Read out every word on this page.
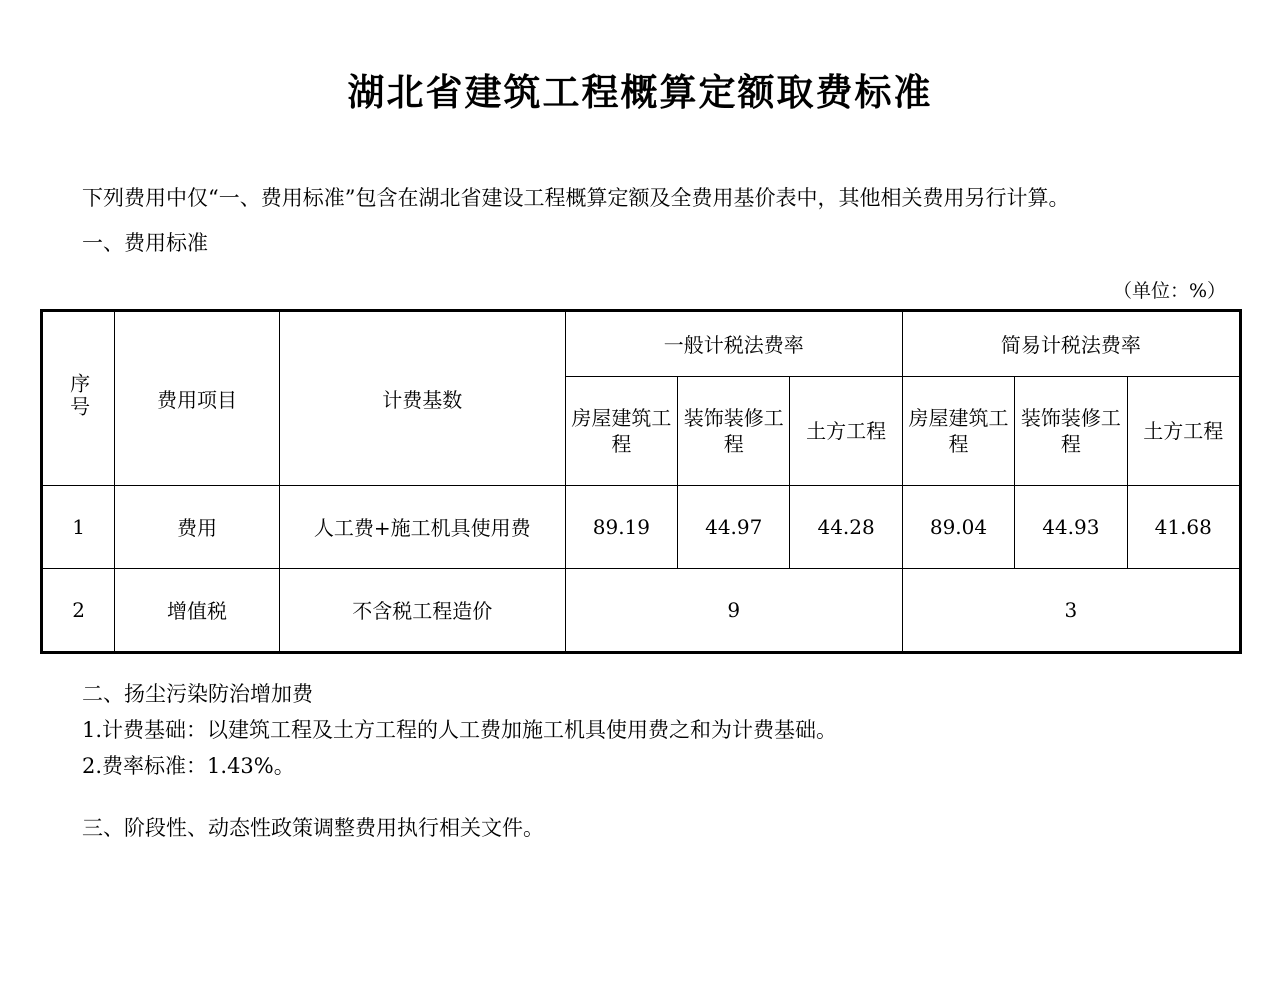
湖北省建筑工程概算定额取费标准
下列费用中仅“一、费用标准”包含在湖北省建设工程概算定额及全费用基价表中，其他相关费用另行计算。
一、费用标准
（单位：%）
序号	费用项目	计费基数	一般计税法费率			简易计税法费率		
			房屋建筑工程	装饰装修工程	土方工程	房屋建筑工程	装饰装修工程	土方工程
1	费用	人工费+施工机具使用费	89.19	44.97	44.28	89.04	44.93	41.68
2	增值税	不含税工程造价	9			3		
二、扬尘污染防治增加费
1.计费基础：以建筑工程及土方工程的人工费加施工机具使用费之和为计费基础。
2.费率标准：1.43%。
三、阶段性、动态性政策调整费用执行相关文件。
